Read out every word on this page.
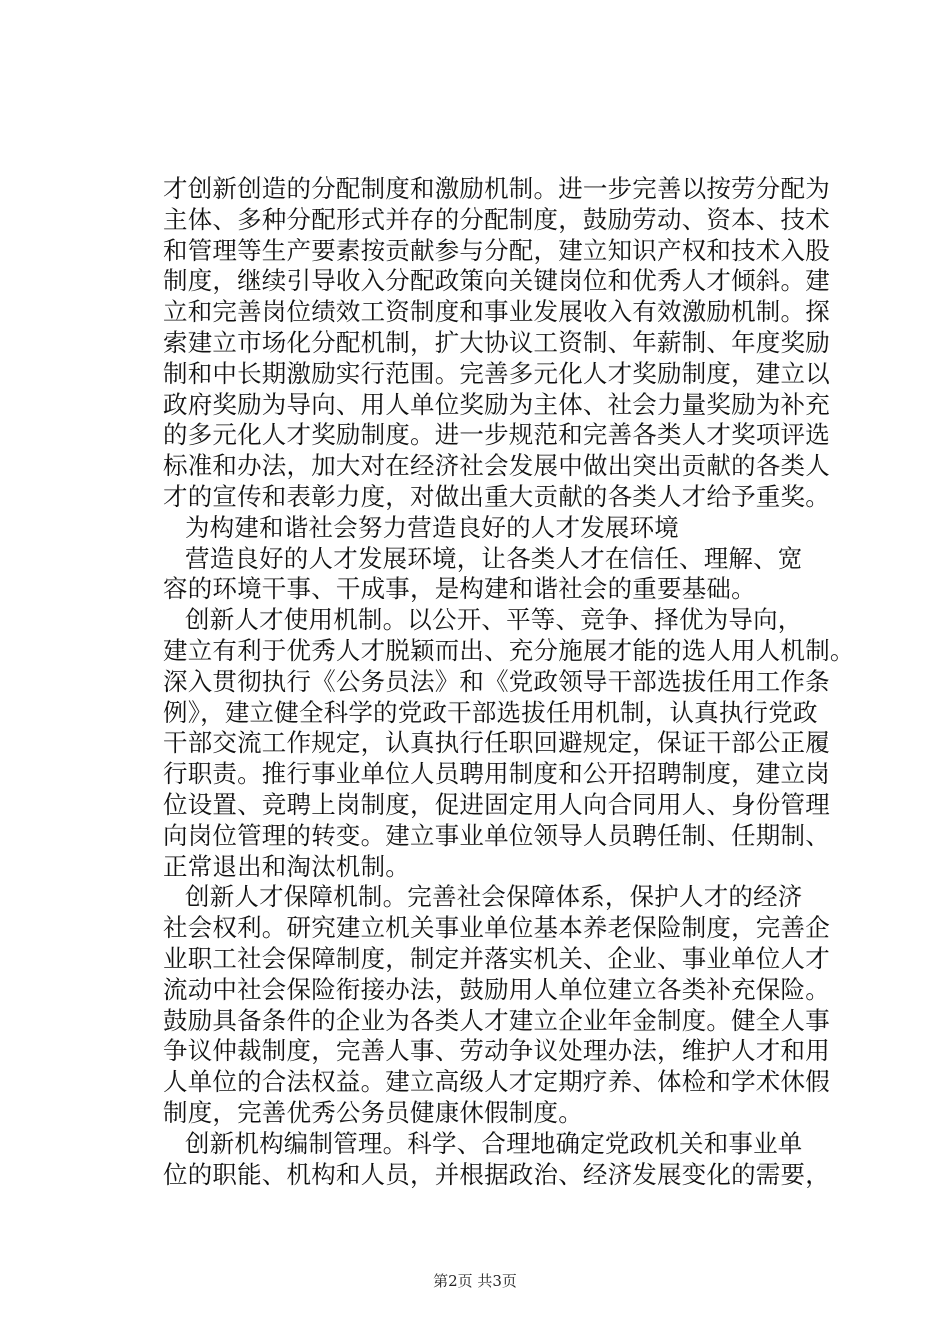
才创新创造的分配制度和激励机制。进一步完善以按劳分配为
主体、多种分配形式并存的分配制度，鼓励劳动、资本、技术
和管理等生产要素按贡献参与分配，建立知识产权和技术入股
制度，继续引导收入分配政策向关键岗位和优秀人才倾斜。建
立和完善岗位绩效工资制度和事业发展收入有效激励机制。探
索建立市场化分配机制，扩大协议工资制、年薪制、年度奖励
制和中长期激励实行范围。完善多元化人才奖励制度，建立以
政府奖励为导向、用人单位奖励为主体、社会力量奖励为补充
的多元化人才奖励制度。进一步规范和完善各类人才奖项评选
标准和办法，加大对在经济社会发展中做出突出贡献的各类人
才的宣传和表彰力度，对做出重大贡献的各类人才给予重奖。
为构建和谐社会努力营造良好的人才发展环境
营造良好的人才发展环境，让各类人才在信任、理解、宽
容的环境干事、干成事，是构建和谐社会的重要基础。
创新人才使用机制。以公开、平等、竞争、择优为导向，
建立有利于优秀人才脱颖而出、充分施展才能的选人用人机制。
深入贯彻执行《公务员法》和《党政领导干部选拔任用工作条
例》，建立健全科学的党政干部选拔任用机制，认真执行党政
干部交流工作规定，认真执行任职回避规定，保证干部公正履
行职责。推行事业单位人员聘用制度和公开招聘制度，建立岗
位设置、竞聘上岗制度，促进固定用人向合同用人、身份管理
向岗位管理的转变。建立事业单位领导人员聘任制、任期制、
正常退出和淘汰机制。
创新人才保障机制。完善社会保障体系，保护人才的经济
社会权利。研究建立机关事业单位基本养老保险制度，完善企
业职工社会保障制度，制定并落实机关、企业、事业单位人才
流动中社会保险衔接办法，鼓励用人单位建立各类补充保险。
鼓励具备条件的企业为各类人才建立企业年金制度。健全人事
争议仲裁制度，完善人事、劳动争议处理办法，维护人才和用
人单位的合法权益。建立高级人才定期疗养、体检和学术休假
制度，完善优秀公务员健康休假制度。
创新机构编制管理。科学、合理地确定党政机关和事业单
位的职能、机构和人员，并根据政治、经济发展变化的需要，
第2页 共3页
